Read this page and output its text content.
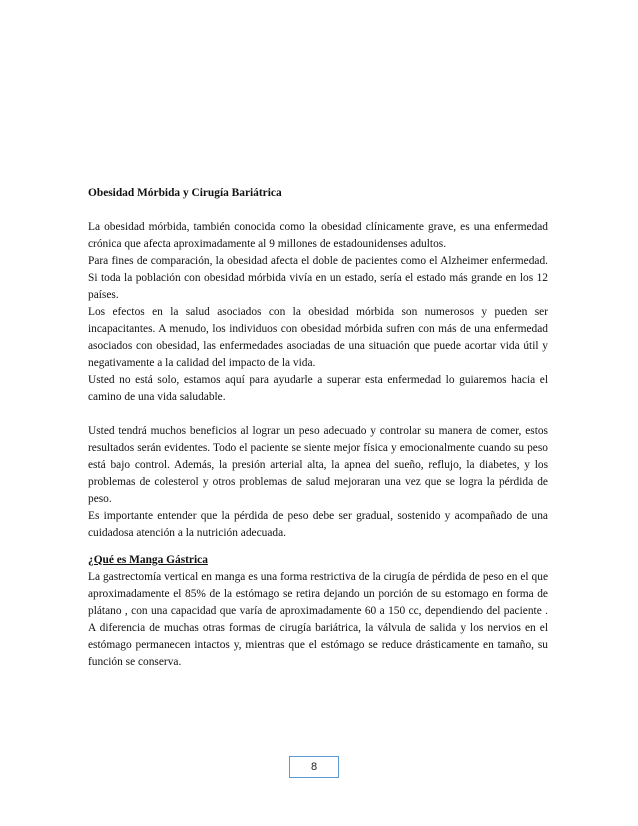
Obesidad Mórbida y Cirugía Bariátrica

La obesidad mórbida, también conocida como la obesidad clínicamente grave, es una enfermedad crónica que afecta aproximadamente al 9 millones de estadounidenses adultos.

Para fines de comparación, la obesidad afecta el doble de pacientes como el Alzheimer enfermedad. Si toda la población con obesidad mórbida vivía en un estado, sería el estado más grande en los 12 países.

Los efectos en la salud asociados con la obesidad mórbida son numerosos y pueden ser incapacitantes. A menudo, los individuos con obesidad mórbida sufren con más de una enfermedad asociados con obesidad, las enfermedades asociadas de una situación que puede acortar vida útil y negativamente a la calidad del impacto de la vida.

Usted no está solo, estamos aquí para ayudarle a superar esta enfermedad lo guiaremos hacia el camino de una vida saludable.

Usted tendrá muchos beneficios al lograr un peso adecuado y controlar su manera de comer, estos resultados serán evidentes. Todo el paciente se siente mejor física y emocionalmente cuando su peso está bajo control. Además, la presión arterial alta, la apnea del sueño, reflujo, la diabetes, y los problemas de colesterol y otros problemas de salud mejoraran una vez que se logra la pérdida de peso.

Es importante entender que la pérdida de peso debe ser gradual, sostenido y acompañado de una cuidadosa atención a la nutrición adecuada.

¿Qué es Manga Gástrica

La gastrectomía vertical en manga es una forma restrictiva de la cirugía de pérdida de peso en el que aproximadamente el 85% de la estómago se retira dejando un porción de su estomago en forma de plátano , con una capacidad que varía de aproximadamente 60 a 150 cc, dependiendo del paciente . A diferencia de muchas otras formas de cirugía bariátrica, la válvula de salida y los nervios en el estómago permanecen intactos y, mientras que el estómago se reduce drásticamente en tamaño, su función se conserva.

8
